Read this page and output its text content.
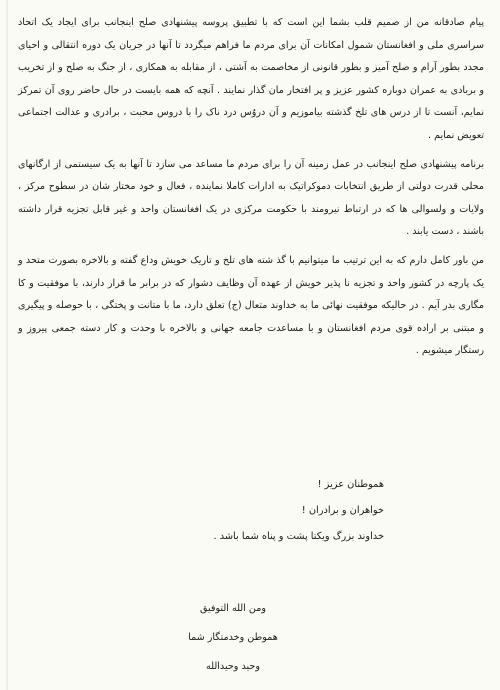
پیام صادقانه من از صمیم قلب بشما این است که با تطبیق پروسه پیشنهادی صلح اینجانب برای ایجاد یک اتحاد سراسری ملی و افغانستان شمول امکانات آن برای مردم ما فراهم میگردد تا آنها در جریان یک دوره انتقالی و احیای مجدد بطور آرام و صلح آمیز و بطور قانونی از مخاصمت به آشتی ، از مقابله به همکاری ، از جنگ به صلح و از تخریب و بربادی به عمران دوباره کشور عزیز و پر افتخار مان گذار نمایند . آنچه که همه بایست در حال حاضر روی آن تمرکز نمایم، آنست تا از درس های تلخ گذشته بیاموزیم و آن دروٌس درد ناک را با دروس محبت ، برادری و عدالت اجتماعی تعویض نمایم .

برنامه پیشنهادی صلح اینجانب در عمل زمینه آن را برای مردم ما مساعد می سازد تا آنها به یک سیستمی از ارگانهای محلی قدرت دولتی از طریق انتخابات دموکراتیک به ادارات کاملا نماینده ، فعال و خود مختار شان در سطوح مرکز ، ولایات و ولسوالی ها که در ارتباط نیرومند با حکومت مرکزی در یک افغانستان واحد و غیر قابل تجزیه قرار داشته باشند ، دست یابند .

من باور کامل دارم که به این ترتیب ما میتوانیم با گذ شته های تلخ و تاریک خویش وداع گفته و بالاخره بصورت متحد و یک پارچه در کشور واحد و تجزیه نا پذیر خویش از عهده آن وظایف دشوار که در برابر ما قرار دارند، با موفقیت و کا مگاری بدر آیم . در حالیکه موفقیت نهائی ما به خداوند متعال (ج) تعلق دارد، ما با متانت و پختگی ، با حوصله و پیگیری و مبتنی بر اراده قوی مردم افغانستان و با مساعدت جامعه جهانی و بالاخره با وحدت و کار دسته جمعی پیروز و رستگار میشویم .

هموطنان عزیز !
خواهران و برادران !
خداوند بزرگ ویکتا پشت و پناه شما باشد .
ومن الله التوفیق
هموطن وخدمتگار شما
وحید وحیدالله
